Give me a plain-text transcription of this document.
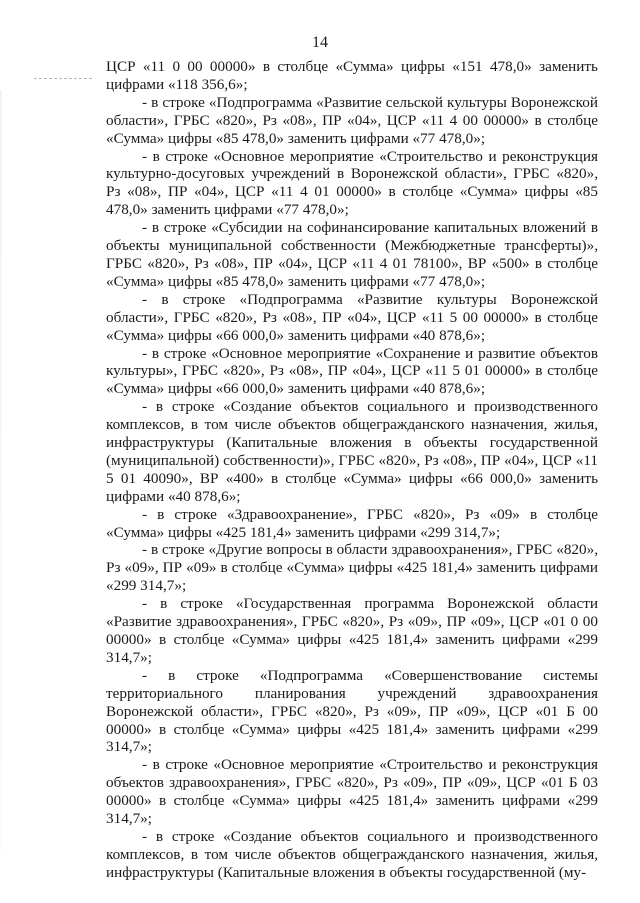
14
ЦСР «11 0 00 00000» в столбце «Сумма» цифры «151 478,0» заменить цифрами «118 356,6»;
- в строке «Подпрограмма «Развитие сельской культуры Воронежской области», ГРБС «820», Рз «08», ПР «04», ЦСР «11 4 00 00000» в столбце «Сумма» цифры «85 478,0» заменить цифрами «77 478,0»;
- в строке «Основное мероприятие «Строительство и реконструкция культурно-досуговых учреждений в Воронежской области», ГРБС «820», Рз «08», ПР «04», ЦСР «11 4 01 00000» в столбце «Сумма» цифры «85 478,0» заменить цифрами «77 478,0»;
- в строке «Субсидии на софинансирование капитальных вложений в объекты муниципальной собственности (Межбюджетные трансферты)», ГРБС «820», Рз «08», ПР «04», ЦСР «11 4 01 78100», ВР «500» в столбце «Сумма» цифры «85 478,0» заменить цифрами «77 478,0»;
- в строке «Подпрограмма «Развитие культуры Воронежской области», ГРБС «820», Рз «08», ПР «04», ЦСР «11 5 00 00000» в столбце «Сумма» цифры «66 000,0» заменить цифрами «40 878,6»;
- в строке «Основное мероприятие «Сохранение и развитие объектов культуры», ГРБС «820», Рз «08», ПР «04», ЦСР «11 5 01 00000» в столбце «Сумма» цифры «66 000,0» заменить цифрами «40 878,6»;
- в строке «Создание объектов социального и производственного комплексов, в том числе объектов общегражданского назначения, жилья, инфраструктуры (Капитальные вложения в объекты государственной (муниципальной) собственности)», ГРБС «820», Рз «08», ПР «04», ЦСР «11 5 01 40090», ВР «400» в столбце «Сумма» цифры «66 000,0» заменить цифрами «40 878,6»;
- в строке «Здравоохранение», ГРБС «820», Рз «09» в столбце «Сумма» цифры «425 181,4» заменить цифрами «299 314,7»;
- в строке «Другие вопросы в области здравоохранения», ГРБС «820», Рз «09», ПР «09» в столбце «Сумма» цифры «425 181,4» заменить цифрами «299 314,7»;
- в строке «Государственная программа Воронежской области «Развитие здравоохранения», ГРБС «820», Рз «09», ПР «09», ЦСР «01 0 00 00000» в столбце «Сумма» цифры «425 181,4» заменить цифрами «299 314,7»;
- в строке «Подпрограмма «Совершенствование системы территориального планирования учреждений здравоохранения Воронежской области», ГРБС «820», Рз «09», ПР «09», ЦСР «01 Б 00 00000» в столбце «Сумма» цифры «425 181,4» заменить цифрами «299 314,7»;
- в строке «Основное мероприятие «Строительство и реконструкция объектов здравоохранения», ГРБС «820», Рз «09», ПР «09», ЦСР «01 Б 03 00000» в столбце «Сумма» цифры «425 181,4» заменить цифрами «299 314,7»;
- в строке «Создание объектов социального и производственного комплексов, в том числе объектов общегражданского назначения, жилья, инфраструктуры (Капитальные вложения в объекты государственной (му-
